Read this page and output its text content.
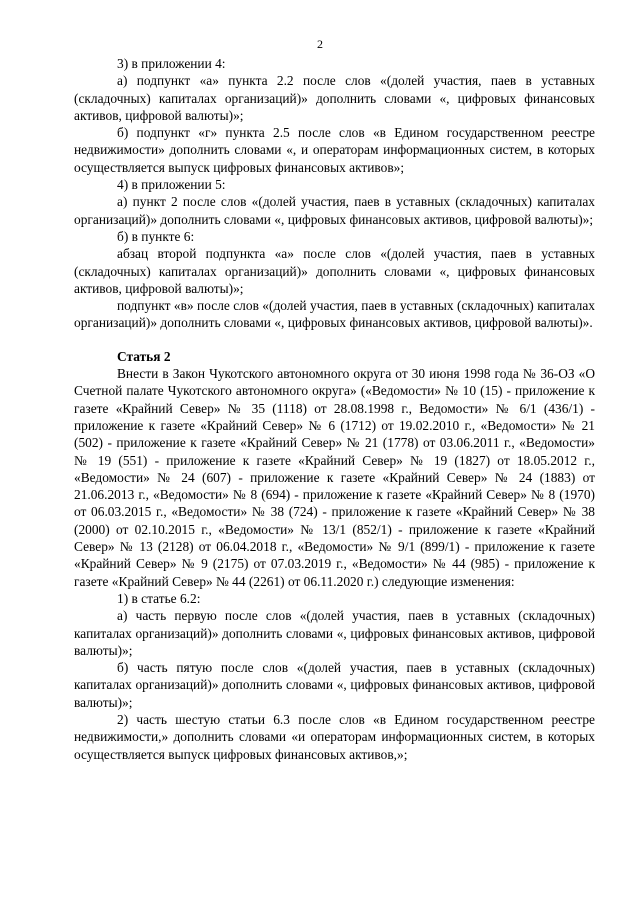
2

3) в приложении 4:

а) подпункт «а» пункта 2.2 после слов «(долей участия, паев в уставных (складочных) капиталах организаций)» дополнить словами «, цифровых финансовых активов, цифровой валюты)»;

б) подпункт «г» пункта 2.5 после слов «в Едином государственном реестре недвижимости» дополнить словами «, и операторам информационных систем, в которых осуществляется выпуск цифровых финансовых активов»;

4) в приложении 5:

а) пункт 2 после слов «(долей участия, паев в уставных (складочных) капиталах организаций)» дополнить словами «, цифровых финансовых активов, цифровой валюты)»;

б) в пункте 6:

абзац второй подпункта «а» после слов «(долей участия, паев в уставных (складочных) капиталах организаций)» дополнить словами «, цифровых финансовых активов, цифровой валюты)»;

подпункт «в» после слов «(долей участия, паев в уставных (складочных) капиталах организаций)» дополнить словами «, цифровых финансовых активов, цифровой валюты)».

Статья 2

Внести в Закон Чукотского автономного округа от 30 июня 1998 года № 36-ОЗ «О Счетной палате Чукотского автономного округа» («Ведомости» № 10 (15) - приложение к газете «Крайний Север» № 35 (1118) от 28.08.1998 г., Ведомости» № 6/1 (436/1) - приложение к газете «Крайний Север» № 6 (1712) от 19.02.2010 г., «Ведомости» № 21 (502) - приложение к газете «Крайний Север» № 21 (1778) от 03.06.2011 г., «Ведомости» № 19 (551) - приложение к газете «Крайний Север» № 19 (1827) от 18.05.2012 г., «Ведомости» № 24 (607) - приложение к газете «Крайний Север» № 24 (1883) от 21.06.2013 г., «Ведомости» № 8 (694) - приложение к газете «Крайний Север» № 8 (1970) от 06.03.2015 г., «Ведомости» № 38 (724) - приложение к газете «Крайний Север» № 38 (2000) от 02.10.2015 г., «Ведомости» № 13/1 (852/1) - приложение к газете «Крайний Север» № 13 (2128) от 06.04.2018 г., «Ведомости» № 9/1 (899/1) - приложение к газете «Крайний Север» № 9 (2175) от 07.03.2019 г., «Ведомости» № 44 (985) - приложение к газете «Крайний Север» № 44 (2261) от 06.11.2020 г.) следующие изменения:

1) в статье 6.2:

а) часть первую после слов «(долей участия, паев в уставных (складочных) капиталах организаций)» дополнить словами «, цифровых финансовых активов, цифровой валюты)»;

б) часть пятую после слов «(долей участия, паев в уставных (складочных) капиталах организаций)» дополнить словами «, цифровых финансовых активов, цифровой валюты)»;

2) часть шестую статьи 6.3 после слов «в Едином государственном реестре недвижимости,» дополнить словами «и операторам информационных систем, в которых осуществляется выпуск цифровых финансовых активов,»;
